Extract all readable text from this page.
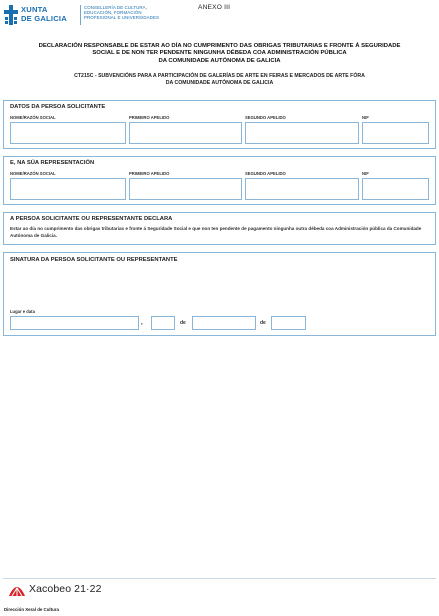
XUNTA
DE GALICIA
CONSELLERÍA DE CULTURA,
EDUCACIÓN, FORMACIÓN
PROFESIONAL E UNIVERSIDADES
ANEXO III
DECLARACIÓN RESPONSABLE DE ESTAR AO DÍA NO CUMPRIMENTO DAS OBRIGAS TRIBUTARIAS E FRONTE Á SEGURIDADE
SOCIAL E DE NON TER PENDENTE NINGUNHA DÉBEDA COA ADMINISTRACIÓN PÚBLICA
DA COMUNIDADE AUTÓNOMA DE GALICIA
CT215C - SUBVENCIÓNS PARA A PARTICIPACIÓN DE GALERÍAS DE ARTE EN FEIRAS E MERCADOS DE ARTE FÓRA
DA COMUNIDADE AUTÓNOMA DE GALICIA
DATOS DA PERSOA SOLICITANTE
NOME/RAZÓN SOCIAL	PRIMEIRO APELIDO	SEGUNDO APELIDO	NIF
E, NA SÚA REPRESENTACIÓN
NOME/RAZÓN SOCIAL	PRIMEIRO APELIDO	SEGUNDO APELIDO	NIF
A PERSOA SOLICITANTE OU REPRESENTANTE DECLARA
Estar ao día no cumprimento das obrigas tributarias e fronte á Seguridade Social e que non ten pendente de pagamento ningunha outra débeda coa Administración pública da Comunidade Autónoma de Galicia.
SINATURA DA PERSOA SOLICITANTE OU REPRESENTANTE
Lugar e data
,	de	de
Xacobeo 21·22
Dirección Xeral de Cultura
